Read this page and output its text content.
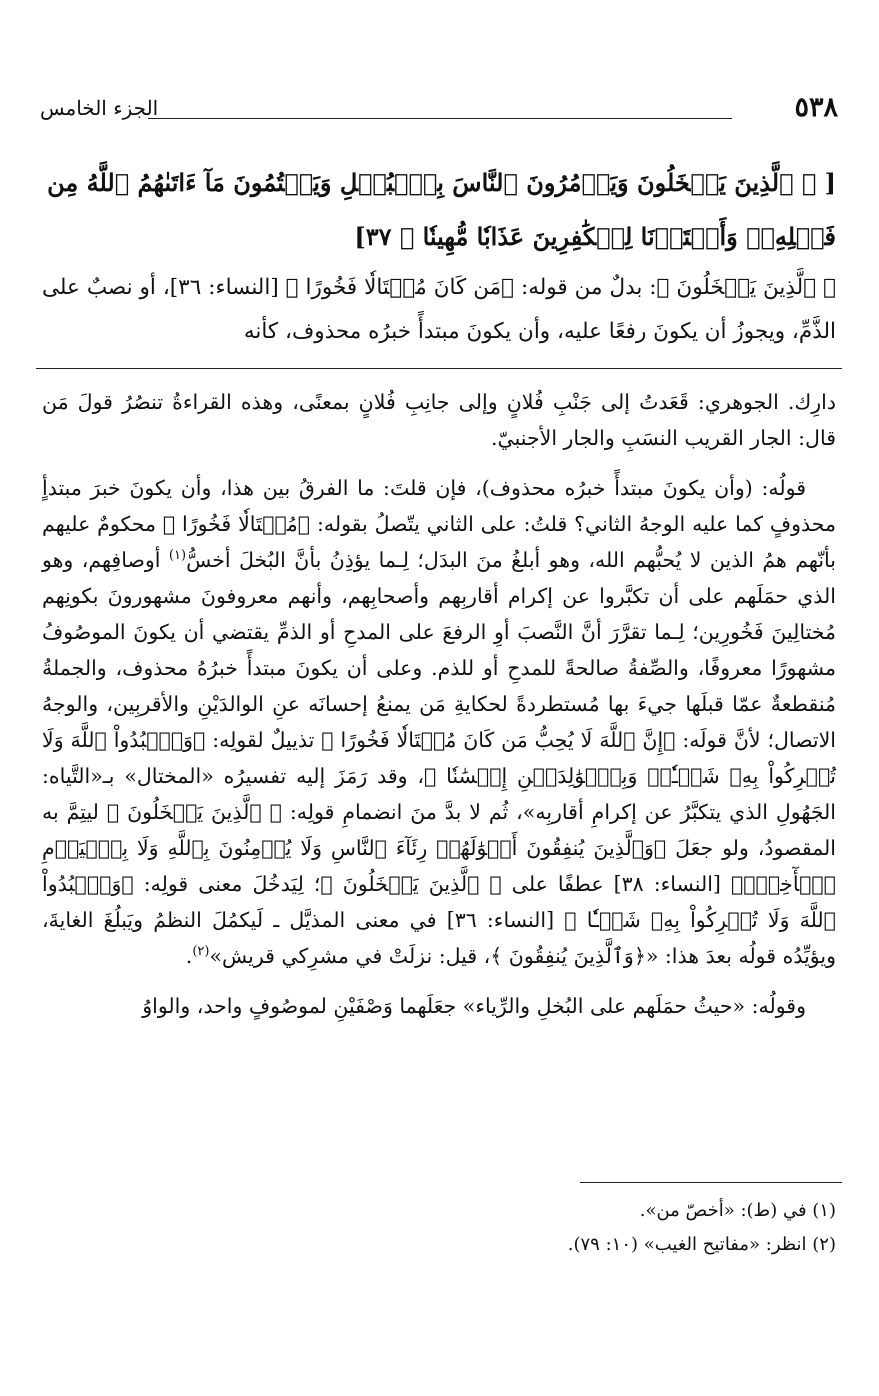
٥٣٨
الجزء الخامس
[ ﴿ ٱلَّذِينَ يَبۡخَلُونَ وَيَأۡمُرُونَ ٱلنَّاسَ بِٱلۡبُخۡلِ وَيَكۡتُمُونَ مَآ ءَاتَىٰهُمُ ٱللَّهُ مِن فَضۡلِهِۦۗ وَأَعۡتَدۡنَا لِلۡكَٰفِرِينَ عَذَابٗا مُّهِينٗا ﴾ ٣٧]
﴿ ٱلَّذِينَ يَبۡخَلُونَ ﴾: بدلٌ من قوله: ﴿مَن كَانَ مُخۡتَالٗا فَخُورًا ﴾ [النساء: ٣٦]، أو نصبٌ على الذَّمِّ، ويجوزُ أن يكونَ رفعًا عليه، وأن يكونَ مبتدأً خبرُه محذوف، كأنه

دارِك. الجوهري: قَعَدتُ إلى جَنْبِ فُلانٍ وإلى جانِبِ فُلانٍ بمعنًى، وهذه القراءةُ تنصُرُ قولَ مَن قال: الجار القريب النسَبِ والجار الأجنبيّ.

قولُه: (وأن يكونَ مبتدأً خبرُه محذوف)، فإن قلتَ: ما الفرقُ بين هذا، وأن يكونَ خبرَ مبتدأٍ محذوفٍ كما عليه الوجهُ الثاني؟ قلتُ: على الثاني يتّصلُ بقوله: ﴿مُخۡتَالٗا فَخُورًا ﴾ محكومٌ عليهم بأنّهم همُ الذين لا يُحبُّهم الله، وهو أبلغُ منَ البدَل؛ لِـما يؤذِنُ بأنَّ البُخلَ أخسُّ$^{(١)}$ أوصافِهم، وهو الذي حمَلَهم على أن تكبَّروا عن إكرام أقاربِهم وأصحابِهم، وأنهم معروفونَ مشهورونَ بكونِهم مُختالِينَ فَخُورِين؛ لِـما تقرَّرَ أنَّ النَّصبَ أوِ الرفعَ على المدحِ أو الذمِّ يقتضي أن يكونَ الموصُوفُ مشهورًا معروفًا، والصِّفةُ صالحةً للمدحِ أو للذم. وعلى أن يكونَ مبتدأً خبرُهُ محذوف، والجملةُ مُنقطعةٌ عمّا قبلَها جيءَ بها مُستطردةً لحكايةِ مَن يمنعُ إحسانَه عنِ الوالدَيْنِ والأقربِين، والوجهُ الاتصال؛ لأنَّ قولَه: ﴿إِنَّ ٱللَّهَ لَا يُحِبُّ مَن كَانَ مُخۡتَالٗا فَخُورًا ﴾ تذييلٌ لقولِه: ﴿وَٱعۡبُدُواْ ٱللَّهَ وَلَا تُشۡرِكُواْ بِهِۦ شَيۡـٔٗاۖ وَبِٱلۡوَٰلِدَيۡنِ إِحۡسَٰنٗا ﴾، وقد رَمَزَ إليه تفسيرُه «المختال» بـ«التَّياه: الجَهُولِ الذي يتكبَّرُ عن إكرامِ أقاربِه»، ثُم لا بدَّ منَ انضمامِ قولِه: ﴿ ٱلَّذِينَ يَبۡخَلُونَ ﴾ ليتِمَّ به المقصودُ، ولو جعَلَ ﴿وَٱلَّذِينَ يُنفِقُونَ أَمۡوَٰلَهُمۡ رِئَآءَ ٱلنَّاسِ وَلَا يُؤۡمِنُونَ بِٱللَّهِ وَلَا بِٱلۡيَوۡمِ ٱلۡأٓخِرِۗ﴾ [النساء: ٣٨] عطفًا على ﴿ ٱلَّذِينَ يَبۡخَلُونَ ﴾؛ لِيَدخُلَ معنى قولِه: ﴿وَٱعۡبُدُواْ ٱللَّهَ وَلَا تُشۡرِكُواْ بِهِۦ شَيۡـٔٗا ﴾ [النساء: ٣٦] في معنى المذيَّل ـ لَيكمُلَ النظمُ ويَبلُغَ الغايةَ، ويؤيِّدُه قولُه بعدَ هذا: «﴿وَٱلَّذِينَ يُنفِقُونَ ﴾، قيل: نزلَتْ في مشرِكي قريش»$^{(٢)}$.

وقولُه: «حيثُ حمَلَهم على البُخلِ والرِّياء» جعَلَهما وَصْفَيْنِ لموصُوفٍ واحد، والواوُ

(١) في (ط): «أخصّ من».
(٢) انظر: «مفاتيح الغيب» (١٠: ٧٩).
